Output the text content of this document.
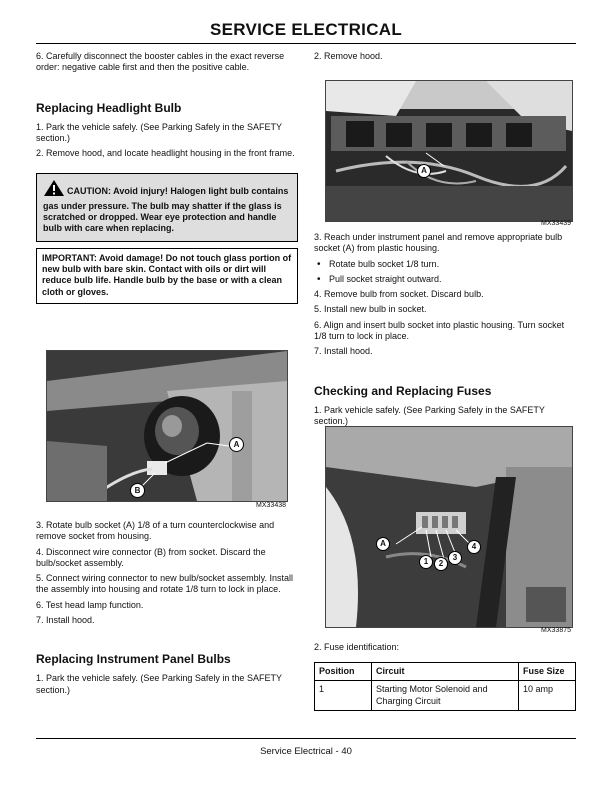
SERVICE ELECTRICAL

6. Carefully disconnect the booster cables in the exact reverse order: negative cable first and then the positive cable.

Replacing Headlight Bulb

1. Park the vehicle safely. (See Parking Safely in the SAFETY section.)

2. Remove hood, and locate headlight housing in the front frame.

CAUTION: Avoid injury! Halogen light bulb contains gas under pressure. The bulb may shatter if the glass is scratched or dropped. Wear eye protection and handle bulb with care when replacing.
IMPORTANT: Avoid damage! Do not touch glass portion of new bulb with bare skin. Contact with oils or dirt will reduce bulb life. Handle bulb by the base or with a clean cloth or gloves.
A
B
MX33438

3. Rotate bulb socket (A) 1/8 of a turn counterclockwise and remove socket from housing.

4. Disconnect wire connector (B) from socket. Discard the bulb/socket assembly.

5. Connect wiring connector to new bulb/socket assembly. Install the assembly into housing and rotate 1/8 turn to lock in place.

6. Test head lamp function.

7. Install hood.

Replacing Instrument Panel Bulbs

1. Park the vehicle safely. (See Parking Safely in the SAFETY section.)

2. Remove hood.

A
MX33439

3. Reach under instrument panel and remove appropriate bulb socket (A) from plastic housing.

• Rotate bulb socket 1/8 turn.

• Pull socket straight outward.

4. Remove bulb from socket. Discard bulb.

5. Install new bulb in socket.

6. Align and insert bulb socket into plastic housing. Turn socket 1/8 turn to lock in place.

7. Install hood.

Checking and Replacing Fuses

1. Park vehicle safely. (See Parking Safely in the SAFETY section.)

A
1	2
3
4
MX33875

2. Fuse identification:

Position	Circuit	Fuse Size
1	Starting Motor Solenoid and Charging Circuit	10 amp
Service Electrical - 40
